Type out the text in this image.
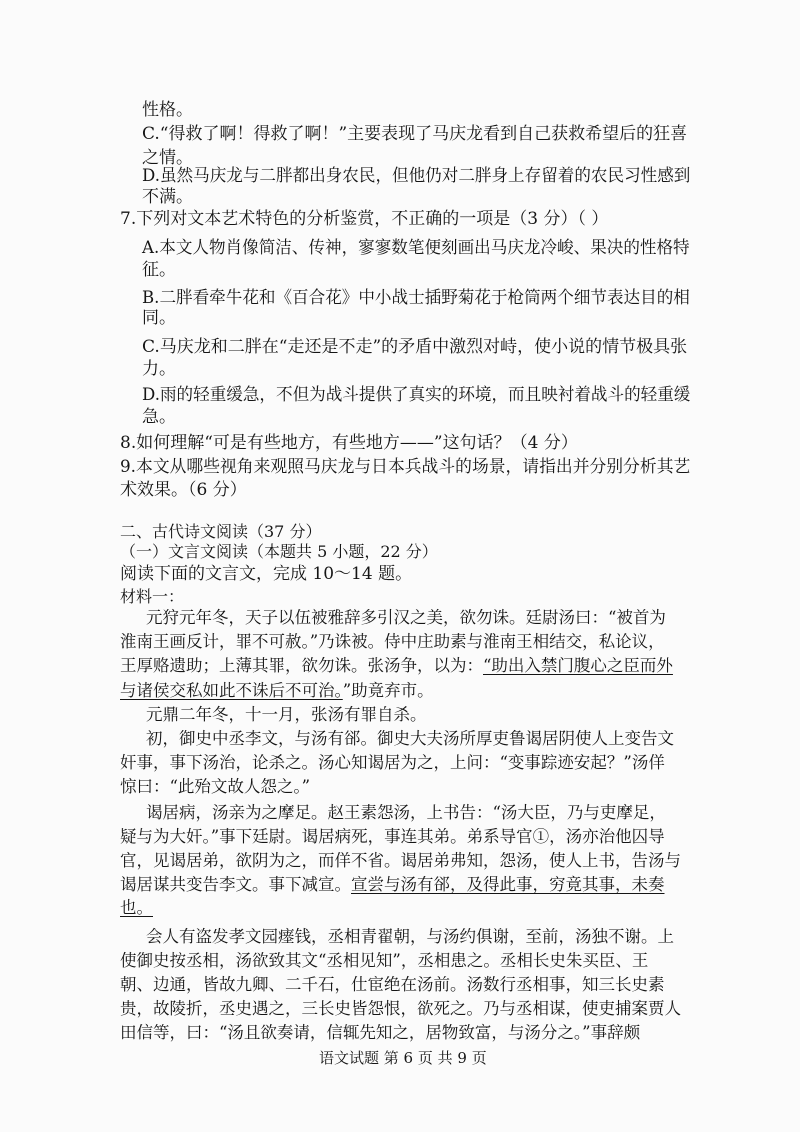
性格。
C.“得救了啊！得救了啊！”主要表现了马庆龙看到自己获救希望后的狂喜
之情。
D.虽然马庆龙与二胖都出身农民，但他仍对二胖身上存留着的农民习性感到
不满。
7.下列对文本艺术特色的分析鉴赏，不正确的一项是（3 分）（ ）
A.本文人物肖像简洁、传神，寥寥数笔便刻画出马庆龙冷峻、果决的性格特
征。
B.二胖看牵牛花和《百合花》中小战士插野菊花于枪筒两个细节表达目的相
同。
C.马庆龙和二胖在“走还是不走”的矛盾中激烈对峙，使小说的情节极具张
力。
D.雨的轻重缓急，不但为战斗提供了真实的环境，而且映衬着战斗的轻重缓
急。
8.如何理解“可是有些地方，有些地方——”这句话？（4 分）
9.本文从哪些视角来观照马庆龙与日本兵战斗的场景，请指出并分别分析其艺
术效果。（6 分）
二、古代诗文阅读（37 分）
（一）文言文阅读（本题共 5 小题，22 分）
阅读下面的文言文，完成 10～14 题。
材料一：
元狩元年冬，天子以伍被雅辞多引汉之美，欲勿诛。廷尉汤曰：“被首为
淮南王画反计，罪不可赦。”乃诛被。侍中庄助素与淮南王相结交，私论议，
王厚赂遗助；上薄其罪，欲勿诛。张汤争，以为：“助出入禁门腹心之臣而外
与诸侯交私如此不诛后不可治。”助竟弃市。
元鼎二年冬，十一月，张汤有罪自杀。
初，御史中丞李文，与汤有郤。御史大夫汤所厚吏鲁谒居阴使人上变告文
奸事，事下汤治，论杀之。汤心知谒居为之，上问：“变事踪迹安起？”汤佯
惊曰：“此殆文故人怨之。”
谒居病，汤亲为之摩足。赵王素怨汤，上书告：“汤大臣，乃与吏摩足，
疑与为大奸。”事下廷尉。谒居病死，事连其弟。弟系导官①，汤亦治他囚导
官，见谒居弟，欲阴为之，而佯不省。谒居弟弗知，怨汤，使人上书，告汤与
谒居谋共变告李文。事下减宣。宣尝与汤有郤，及得此事，穷竟其事，未奏
也。
会人有盗发孝文园瘗钱，丞相青翟朝，与汤约俱谢，至前，汤独不谢。上
使御史按丞相，汤欲致其文“丞相见知”，丞相患之。丞相长史朱买臣、王
朝、边通，皆故九卿、二千石，仕宦绝在汤前。汤数行丞相事，知三长史素
贵，故陵折，丞史遇之，三长史皆怨恨，欲死之。乃与丞相谋，使吏捕案贾人
田信等，曰：“汤且欲奏请，信辄先知之，居物致富，与汤分之。”事辞颇
语文试题 第 6 页 共 9 页
